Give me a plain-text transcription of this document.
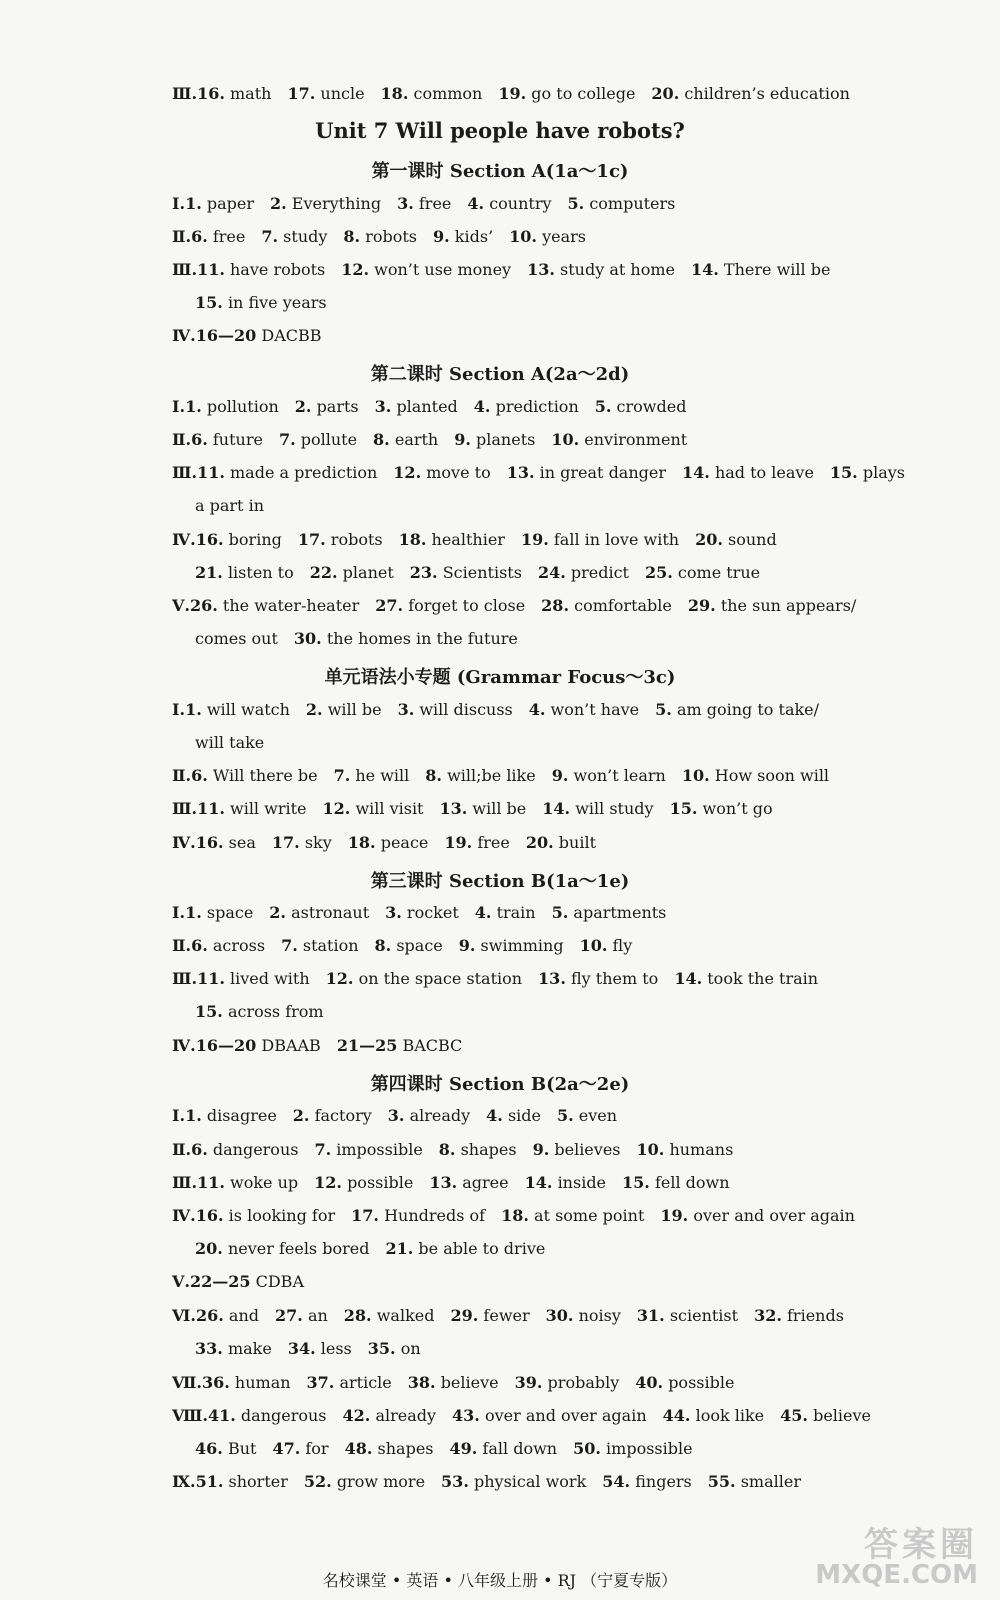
Unit 7 Will people have robots?
第一课时 Section A(1a～1c)
第二课时 Section A(2a～2d)
单元语法小专题 (Grammar Focus～3c)
第三课时 Section B(1a～1e)
第四课时 Section B(2a～2e)
Ⅲ.16. math 17. uncle 18. common 19. go to college 20. children’s education
Ⅰ.1. paper 2. Everything 3. free 4. country 5. computers
Ⅱ.6. free 7. study 8. robots 9. kids’ 10. years
Ⅲ.11. have robots 12. won’t use money 13. study at home 14. There will be
15. in five years
Ⅳ.16—20 DACBB
Ⅰ.1. pollution 2. parts 3. planted 4. prediction 5. crowded
Ⅱ.6. future 7. pollute 8. earth 9. planets 10. environment
Ⅲ.11. made a prediction 12. move to 13. in great danger 14. had to leave 15. plays
a part in
Ⅳ.16. boring 17. robots 18. healthier 19. fall in love with 20. sound
21. listen to 22. planet 23. Scientists 24. predict 25. come true
Ⅴ.26. the water-heater 27. forget to close 28. comfortable 29. the sun appears/
comes out 30. the homes in the future
Ⅰ.1. will watch 2. will be 3. will discuss 4. won’t have 5. am going to take/
will take
Ⅱ.6. Will there be 7. he will 8. will;be like 9. won’t learn 10. How soon will
Ⅲ.11. will write 12. will visit 13. will be 14. will study 15. won’t go
Ⅳ.16. sea 17. sky 18. peace 19. free 20. built
Ⅰ.1. space 2. astronaut 3. rocket 4. train 5. apartments
Ⅱ.6. across 7. station 8. space 9. swimming 10. fly
Ⅲ.11. lived with 12. on the space station 13. fly them to 14. took the train
15. across from
Ⅳ.16—20 DBAAB 21—25 BACBC
Ⅰ.1. disagree 2. factory 3. already 4. side 5. even
Ⅱ.6. dangerous 7. impossible 8. shapes 9. believes 10. humans
Ⅲ.11. woke up 12. possible 13. agree 14. inside 15. fell down
Ⅳ.16. is looking for 17. Hundreds of 18. at some point 19. over and over again
20. never feels bored 21. be able to drive
Ⅴ.22—25 CDBA
Ⅵ.26. and 27. an 28. walked 29. fewer 30. noisy 31. scientist 32. friends
33. make 34. less 35. on
Ⅶ.36. human 37. article 38. believe 39. probably 40. possible
Ⅷ.41. dangerous 42. already 43. over and over again 44. look like 45. believe
46. But 47. for 48. shapes 49. fall down 50. impossible
Ⅸ.51. shorter 52. grow more 53. physical work 54. fingers 55. smaller
名校课堂 • 英语 • 八年级上册 • RJ （宁夏专版）
答案圈
MXQE.COM
